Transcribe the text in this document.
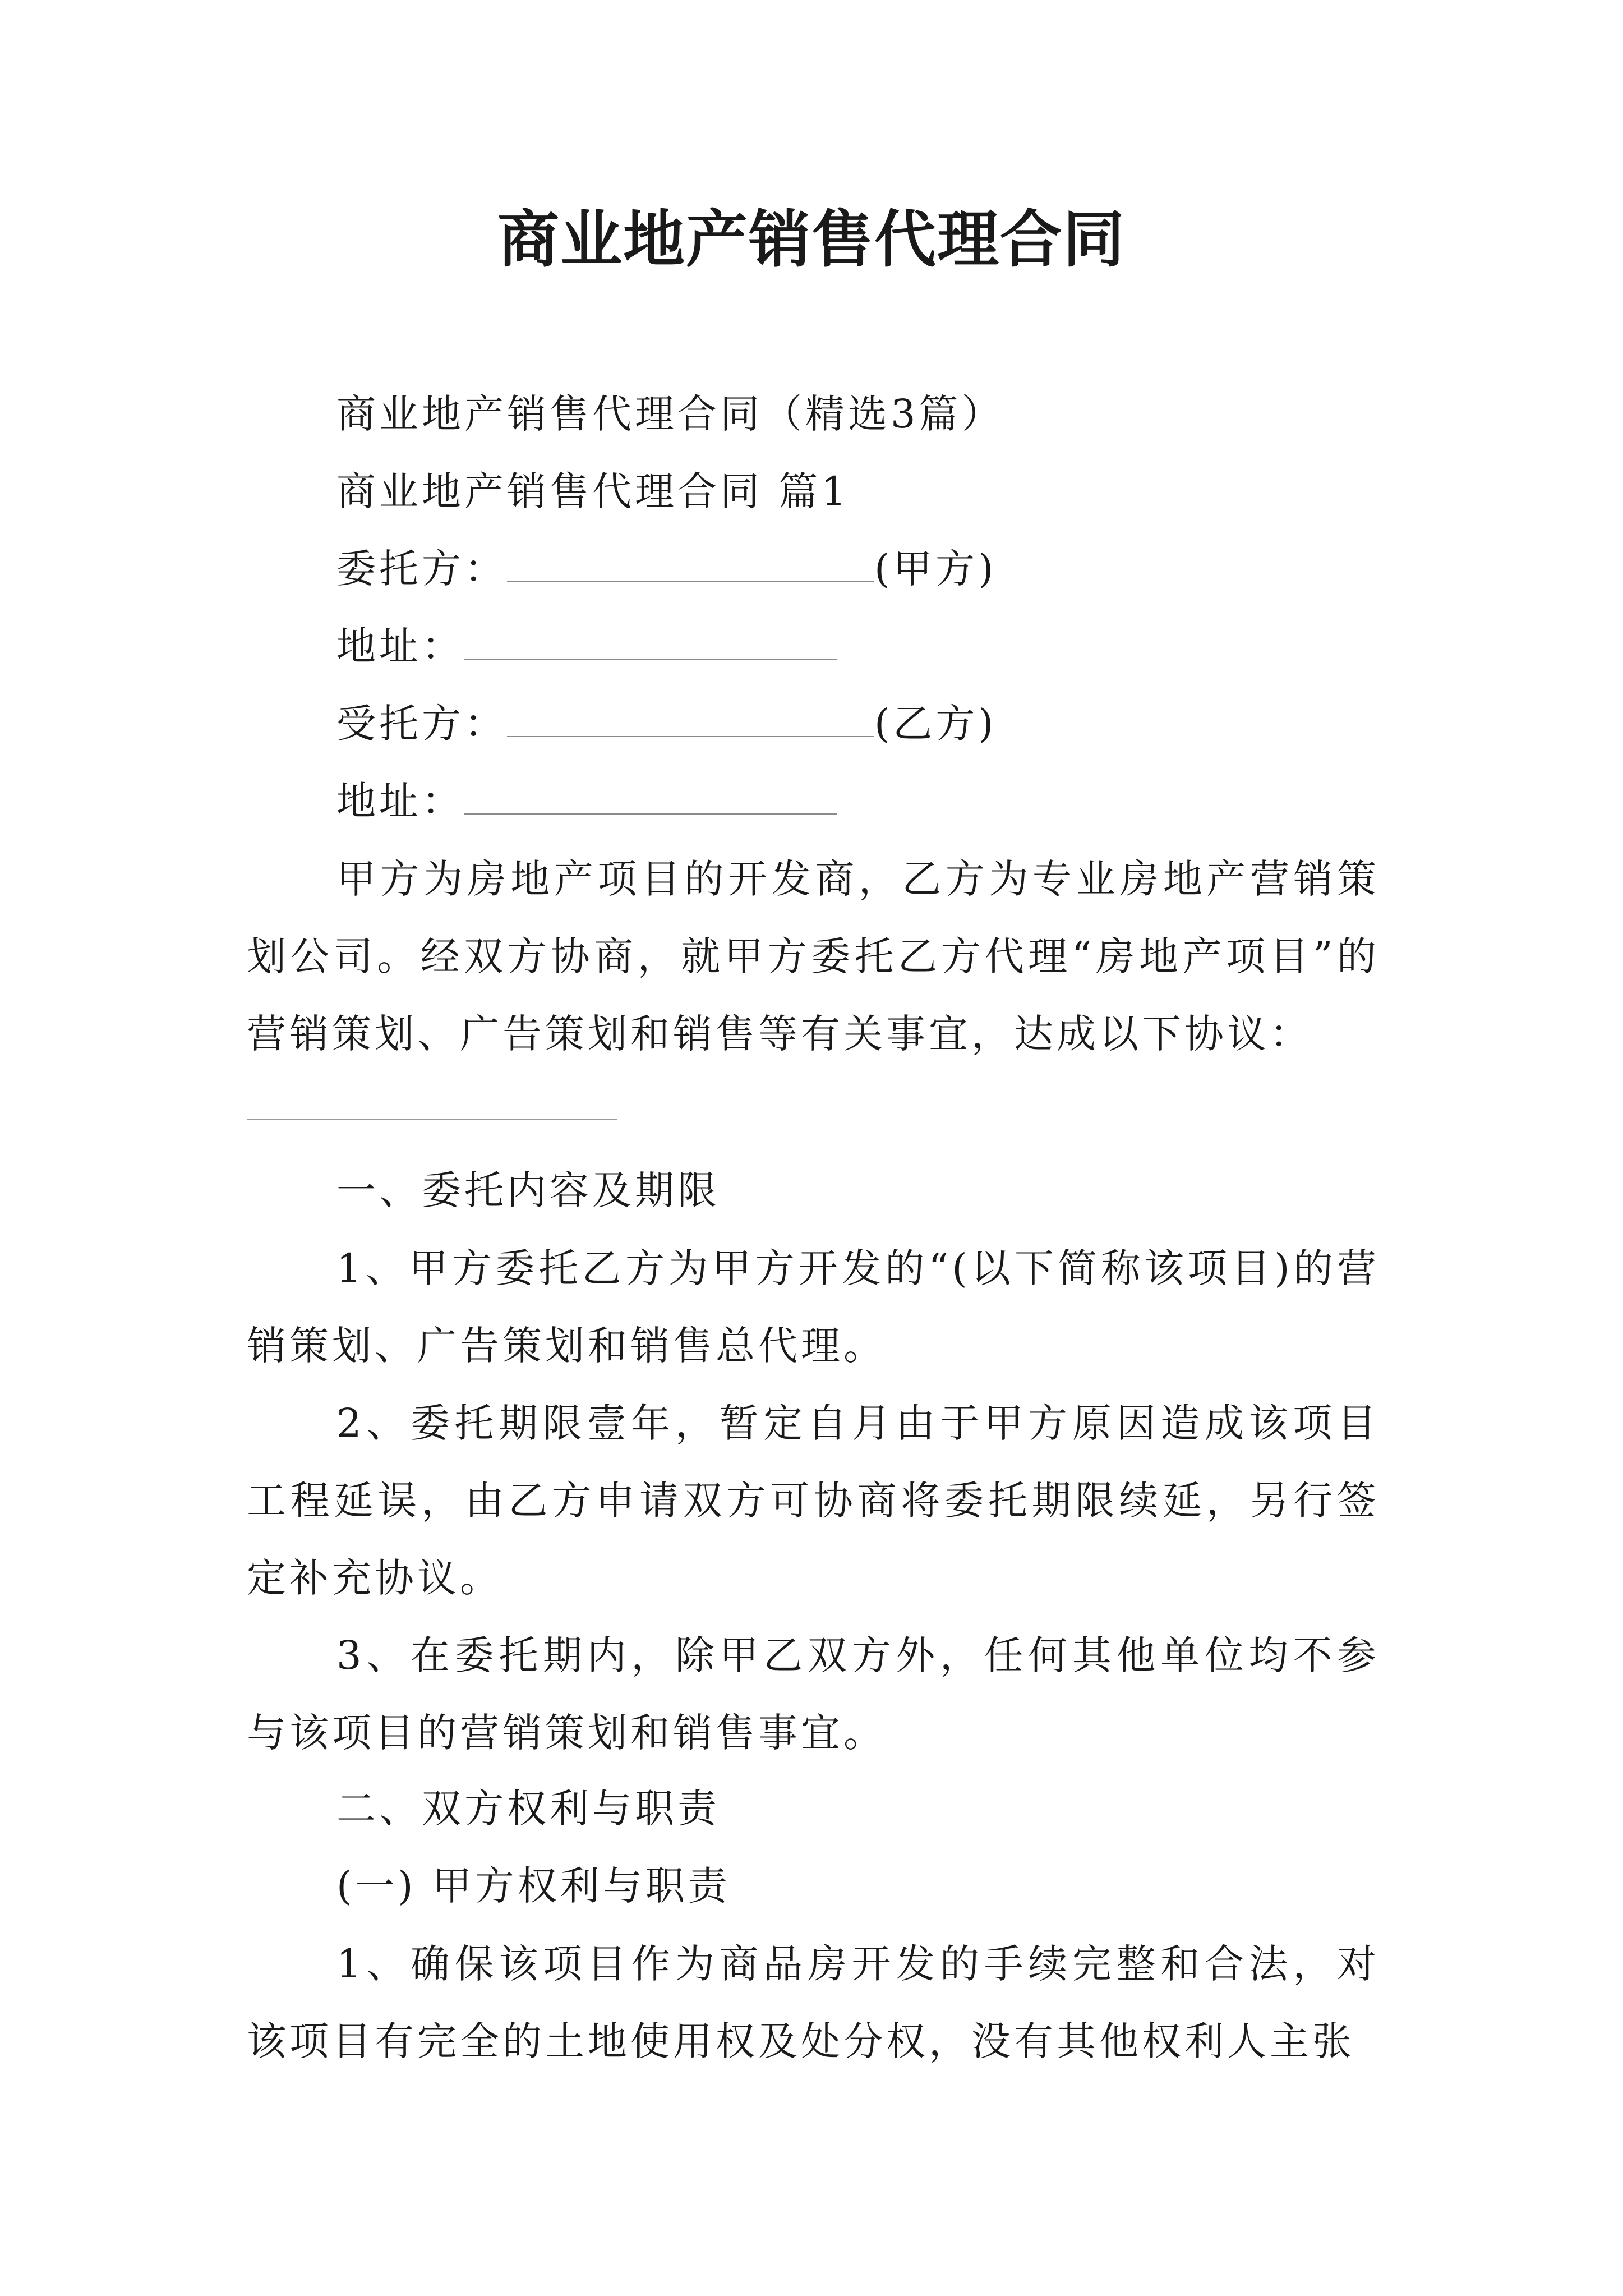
商业地产销售代理合同
商业地产销售代理合同（精选3篇）
商业地产销售代理合同 篇1
委托方：	(甲方)
地址：
受托方：	(乙方)
地址：
甲方为房地产项目的开发商，乙方为专业房地产营销策划公司。经双方协商，就甲方委托乙方代理“房地产项目”的营销策划、广告策划和销售等有关事宜，达成以下协议：
一、委托内容及期限
1、甲方委托乙方为甲方开发的“(以下简称该项目)的营销策划、广告策划和销售总代理。
2、委托期限壹年，暂定自月由于甲方原因造成该项目工程延误，由乙方申请双方可协商将委托期限续延，另行签定补充协议。
3、在委托期内，除甲乙双方外，任何其他单位均不参与该项目的营销策划和销售事宜。
二、双方权利与职责
(一) 甲方权利与职责
1、确保该项目作为商品房开发的手续完整和合法，对该项目有完全的土地使用权及处分权，没有其他权利人主张
